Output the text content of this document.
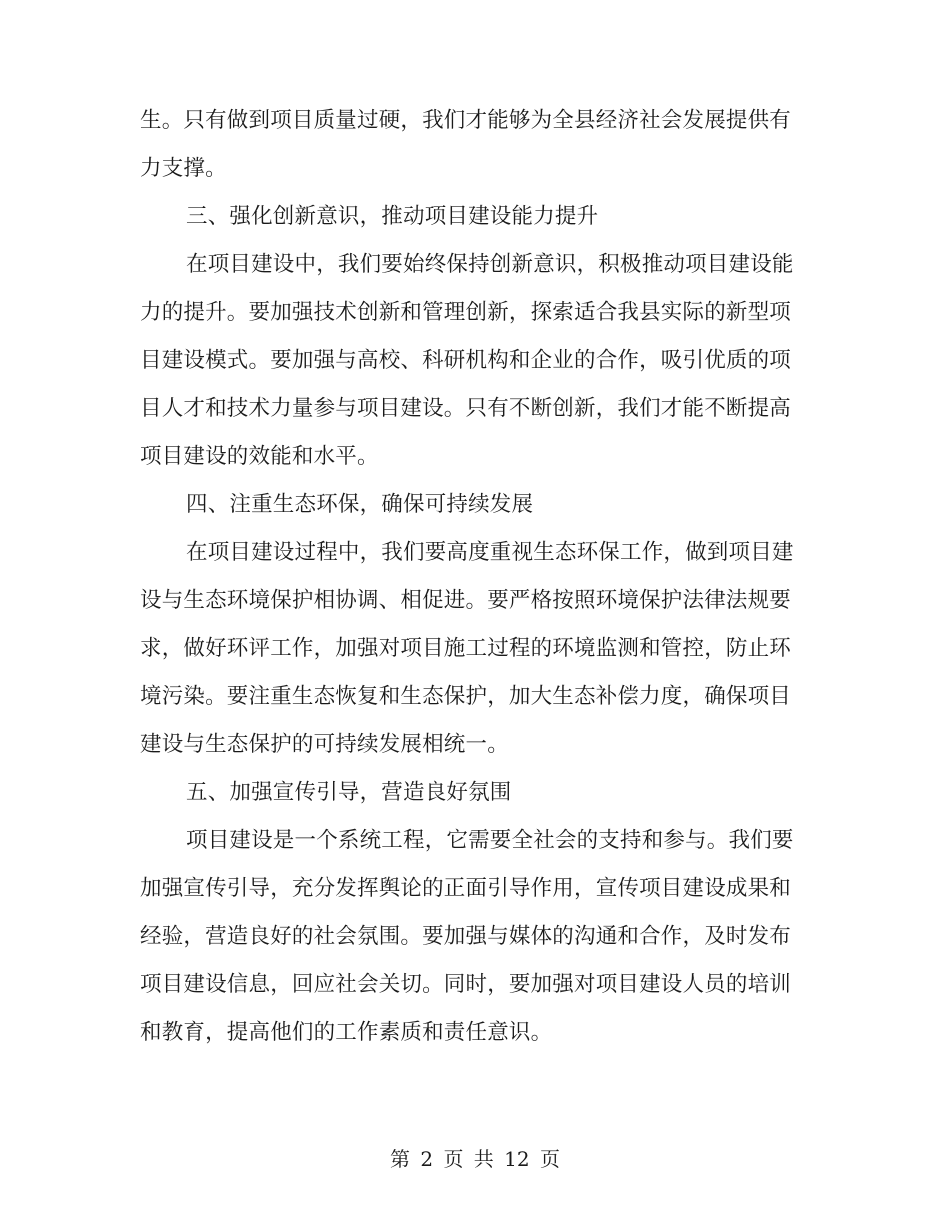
生。只有做到项目质量过硬，我们才能够为全县经济社会发展提供有
力支撑。
三、强化创新意识，推动项目建设能力提升
在项目建设中，我们要始终保持创新意识，积极推动项目建设能
力的提升。要加强技术创新和管理创新，探索适合我县实际的新型项
目建设模式。要加强与高校、科研机构和企业的合作，吸引优质的项
目人才和技术力量参与项目建设。只有不断创新，我们才能不断提高
项目建设的效能和水平。
四、注重生态环保，确保可持续发展
在项目建设过程中，我们要高度重视生态环保工作，做到项目建
设与生态环境保护相协调、相促进。要严格按照环境保护法律法规要
求，做好环评工作，加强对项目施工过程的环境监测和管控，防止环
境污染。要注重生态恢复和生态保护，加大生态补偿力度，确保项目
建设与生态保护的可持续发展相统一。
五、加强宣传引导，营造良好氛围
项目建设是一个系统工程，它需要全社会的支持和参与。我们要
加强宣传引导，充分发挥舆论的正面引导作用，宣传项目建设成果和
经验，营造良好的社会氛围。要加强与媒体的沟通和合作，及时发布
项目建设信息，回应社会关切。同时，要加强对项目建设人员的培训
和教育，提高他们的工作素质和责任意识。
第 2 页 共 12 页
